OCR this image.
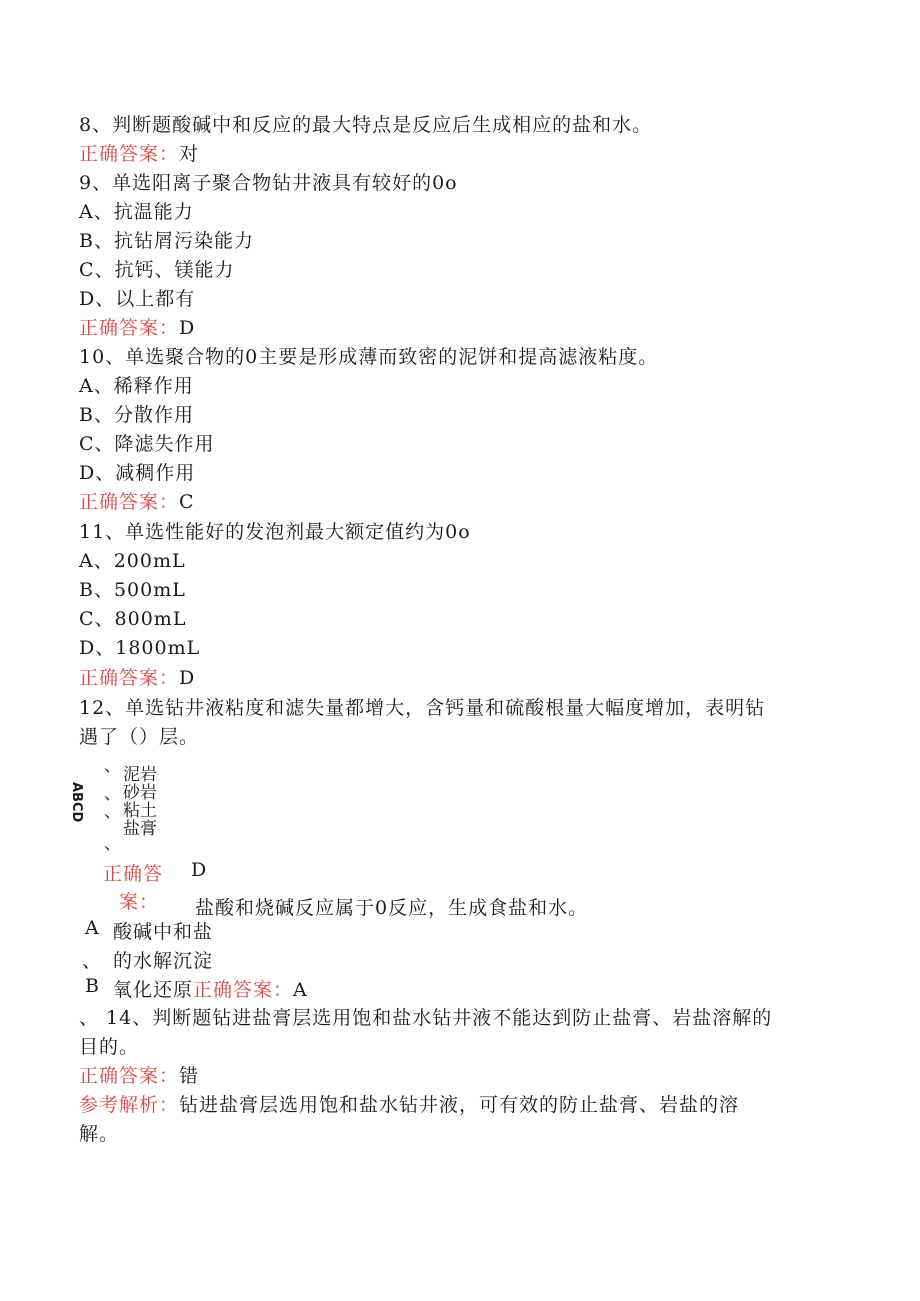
8、判断题酸碱中和反应的最大特点是反应后生成相应的盐和水。
正确答案：对
9、单选阳离子聚合物钻井液具有较好的0o
A、抗温能力
B、抗钻屑污染能力
C、抗钙、镁能力
D、以上都有
正确答案：D
10、单选聚合物的0主要是形成薄而致密的泥饼和提高滤液粘度。
A、稀释作用
B、分散作用
C、降滤失作用
D、减稠作用
正确答案：C
11、单选性能好的发泡剂最大额定值约为0o
A、200mL
B、500mL
C、800mL
D、1800mL
正确答案：D
12、单选钻井液粘度和滤失量都增大，含钙量和硫酸根量大幅度增加，表明钻
遇了（）层。
ABCD
、
、
、
、
泥岩
砂岩
粘土
盐膏
正确答 D
案： 盐酸和烧碱反应属于0反应，生成食盐和水。
A 酸碱中和盐
、 的水解沉淀
B 氧化还原正确答案：A
、 14、判断题钻进盐膏层选用饱和盐水钻井液不能达到防止盐膏、岩盐溶解的
目的。
正确答案：错
参考解析：钻进盐膏层选用饱和盐水钻井液，可有效的防止盐膏、岩盐的溶
解。
